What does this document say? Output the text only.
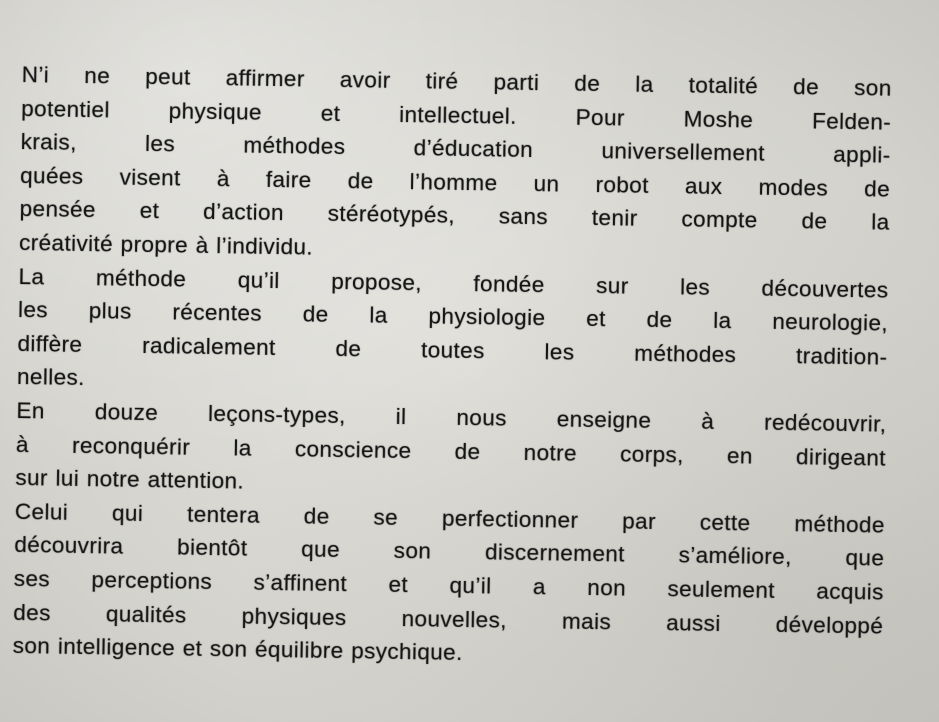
N’i ne peut affirmer avoir tiré parti de la totalité de son
potentiel physique et intellectuel. Pour Moshe Felden-
krais, les méthodes d’éducation universellement appli-
quées visent à faire de l’homme un robot aux modes de
pensée et d’action stéréotypés, sans tenir compte de la
créativité propre à l’individu.
La méthode qu’il propose, fondée sur les découvertes
les plus récentes de la physiologie et de la neurologie,
diffère radicalement de toutes les méthodes tradition-
nelles.
En douze leçons-types, il nous enseigne à redécouvrir,
à reconquérir la conscience de notre corps, en dirigeant
sur lui notre attention.
Celui qui tentera de se perfectionner par cette méthode
découvrira bientôt que son discernement s’améliore, que
ses perceptions s’affinent et qu’il a non seulement acquis
des qualités physiques nouvelles, mais aussi développé
son intelligence et son équilibre psychique.
